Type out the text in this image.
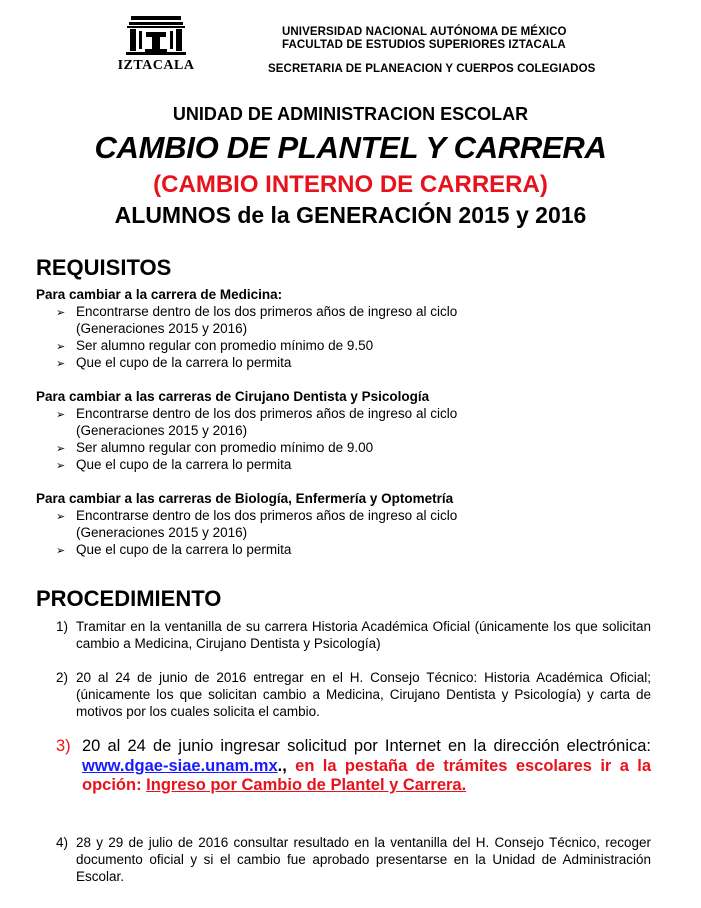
IZTACALA
UNIVERSIDAD NACIONAL AUTÓNOMA DE MÉXICO
FACULTAD DE ESTUDIOS SUPERIORES IZTACALA
SECRETARIA DE PLANEACION Y CUERPOS COLEGIADOS
UNIDAD DE ADMINISTRACION ESCOLAR
CAMBIO DE PLANTEL Y CARRERA
(CAMBIO INTERNO DE CARRERA)
ALUMNOS de la GENERACIÓN 2015 y 2016
REQUISITOS
Para cambiar a la carrera de Medicina:
➢ Encontrarse dentro de los dos primeros años de ingreso al ciclo
(Generaciones 2015 y 2016)
➢ Ser alumno regular con promedio mínimo de 9.50
➢ Que el cupo de la carrera lo permita
Para cambiar a las carreras de Cirujano Dentista y Psicología
➢ Encontrarse dentro de los dos primeros años de ingreso al ciclo
(Generaciones 2015 y 2016)
➢ Ser alumno regular con promedio mínimo de 9.00
➢ Que el cupo de la carrera lo permita
Para cambiar a las carreras de Biología, Enfermería y Optometría
➢ Encontrarse dentro de los dos primeros años de ingreso al ciclo
(Generaciones 2015 y 2016)
➢ Que el cupo de la carrera lo permita
PROCEDIMIENTO
1) Tramitar en la ventanilla de su carrera Historia Académica Oficial (únicamente los que solicitan cambio a Medicina, Cirujano Dentista y Psicología)
2) 20 al 24 de junio de 2016 entregar en el H. Consejo Técnico: Historia Académica Oficial; (únicamente los que solicitan cambio a Medicina, Cirujano Dentista y Psicología) y carta de motivos por los cuales solicita el cambio.
3) 20 al 24 de junio ingresar solicitud por Internet en la dirección electrónica: www.dgae-siae.unam.mx., en la pestaña de trámites escolares ir a la opción: Ingreso por Cambio de Plantel y Carrera.
4) 28 y 29 de julio de 2016 consultar resultado en la ventanilla del H. Consejo Técnico, recoger documento oficial y si el cambio fue aprobado presentarse en la Unidad de Administración Escolar.
